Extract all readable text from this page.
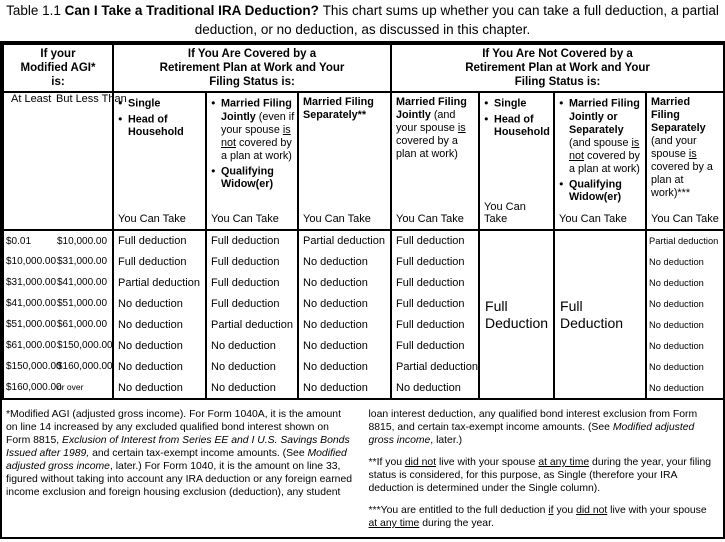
Table 1.1 Can I Take a Traditional IRA Deduction? This chart sums up whether you can take a full deduction, a partial deduction, or no deduction, as discussed in this chapter.
If your
Modified AGI*
is:

If You Are Covered by a
Retirement Plan at Work and Your
Filing Status is:

If You Are Not Covered by a
Retirement Plan at Work and Your
Filing Status is:

At Least But Less Than

●Single
● Head of Household
You Can Take

● Married Filing Jointly (even if your spouse is not covered by a plan at work)
● Qualifying Widow(er)
You Can Take

Married Filing Separately**
You Can Take

Married Filing Jointly (and your spouse is covered by a plan at work)
You Can Take

● Single
● Head of Household
You Can Take

● Married Filing Jointly or Separately (and spouse is not covered by a plan at work)
● Qualifying Widow(er)
You Can Take

Married Filing Separately (and your spouse is covered by a plan at work)***
You Can Take

$0.01 $10,000.00	Full deduction	Full deduction	Partial deduction	Full deduction	Full Deduction	Full Deduction	Partial deduction
$10,000.00$31,000.00	Full deduction	Full deduction	No deduction	Full deduction			No deduction
$31,000.00$41,000.00	Partial deduction	Full deduction	No deduction	Full deduction			No deduction
$41,000.00$51,000.00	No deduction	Full deduction	No deduction	Full deduction			No deduction
$51,000.00$61,000.00	No deduction	Partial deduction	No deduction	Full deduction			No deduction
$61,000.00$150,000.00	No deduction	No deduction	No deduction	Full deduction			No deduction
$150,000.00$160,000.00	No deduction	No deduction	No deduction	Partial deduction			No deduction
$160,000.00or over	No deduction	No deduction	No deduction	No deduction			No deduction
*Modified AGI (adjusted gross income). For Form 1040A, it is the amount on line 14 increased by any excluded qualified bond interest shown on Form 8815, Exclusion of Interest from Series EE and I U.S. Savings Bonds Issued after 1989, and certain tax-exempt income amounts. (See Modified adjusted gross income, later.) For Form 1040, it is the amount on line 33, figured without taking into account any IRA deduction or any foreign earned income exclusion and foreign housing exclusion (deduction), any student
loan interest deduction, any qualified bond interest exclusion from Form 8815, and certain tax-exempt income amounts. (See Modified adjusted gross income, later.)
**If you did not live with your spouse at any time during the year, your filing status is considered, for this purpose, as Single (therefore your IRA deduction is determined under the Single column).
***You are entitled to the full deduction if you did not live with your spouse at any time during the year.
